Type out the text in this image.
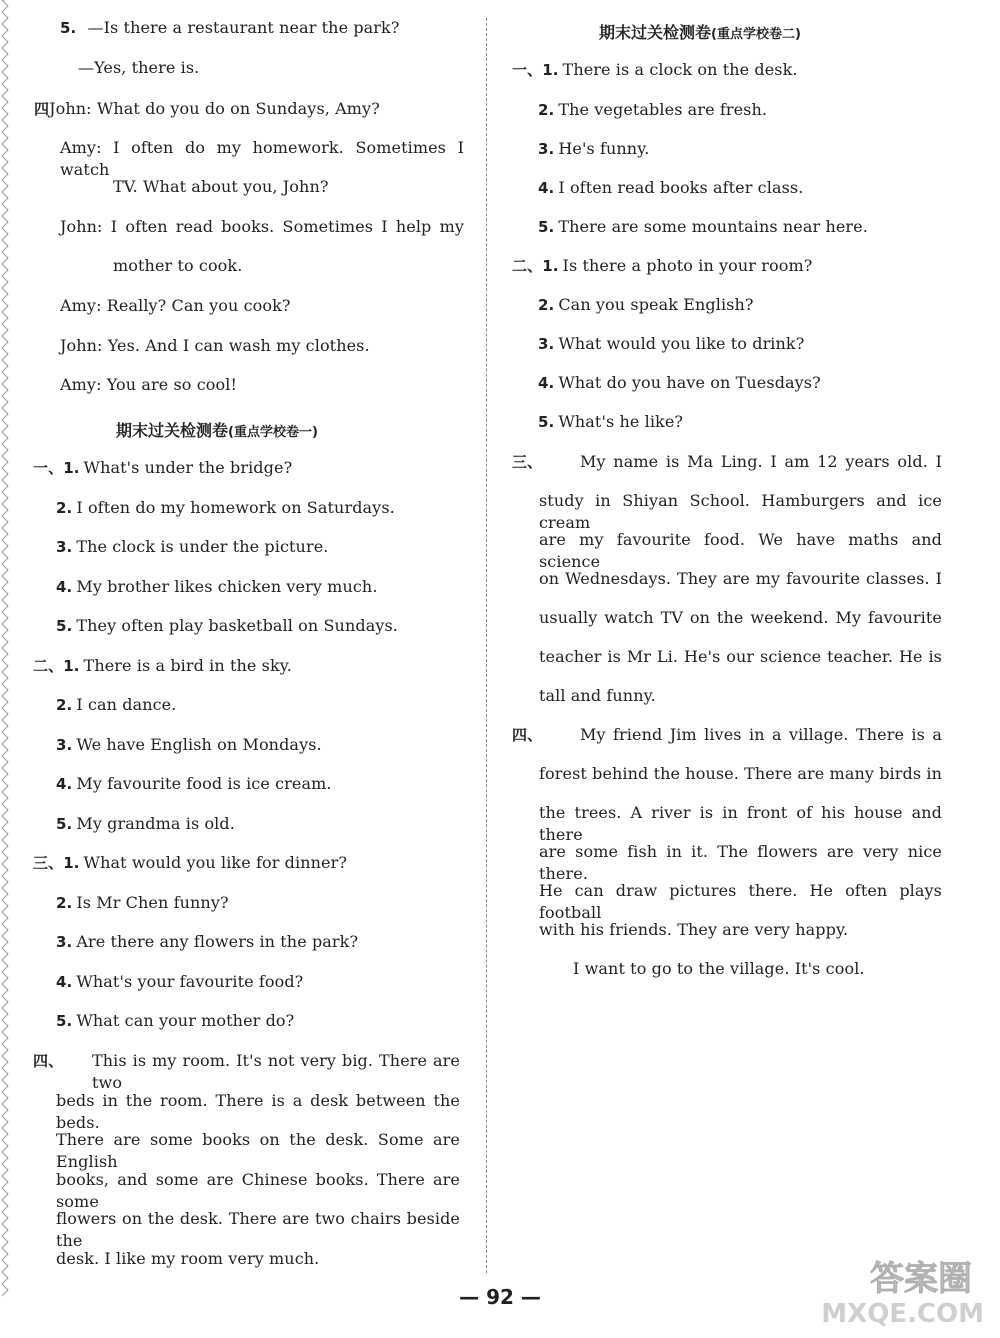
5. —Is there a restaurant near the park?
—Yes, there is.
四John: What do you do on Sundays, Amy?
Amy: I often do my homework. Sometimes I watch
TV. What about you, John?
John: I often read books. Sometimes I help my
mother to cook.
Amy: Really? Can you cook?
John: Yes. And I can wash my clothes.
Amy: You are so cool!
期末过关检测卷(重点学校卷一)
一、1. What's under the bridge?
2. I often do my homework on Saturdays.
3. The clock is under the picture.
4. My brother likes chicken very much.
5. They often play basketball on Sundays.
二、1. There is a bird in the sky.
2. I can dance.
3. We have English on Mondays.
4. My favourite food is ice cream.
5. My grandma is old.
三、1. What would you like for dinner?
2. Is Mr Chen funny?
3. Are there any flowers in the park?
4. What's your favourite food?
5. What can your mother do?
四、 This is my room. It's not very big. There are two
beds in the room. There is a desk between the beds.
There are some books on the desk. Some are English
books, and some are Chinese books. There are some
flowers on the desk. There are two chairs beside the
desk. I like my room very much.
期末过关检测卷(重点学校卷二)
一、1. There is a clock on the desk.
2. The vegetables are fresh.
3. He's funny.
4. I often read books after class.
5. There are some mountains near here.
二、1. Is there a photo in your room?
2. Can you speak English?
3. What would you like to drink?
4. What do you have on Tuesdays?
5. What's he like?
三、 My name is Ma Ling. I am 12 years old. I
study in Shiyan School. Hamburgers and ice cream
are my favourite food. We have maths and science
on Wednesdays. They are my favourite classes. I
usually watch TV on the weekend. My favourite
teacher is Mr Li. He's our science teacher. He is
tall and funny.
四、 My friend Jim lives in a village. There is a
forest behind the house. There are many birds in
the trees. A river is in front of his house and there
are some fish in it. The flowers are very nice there.
He can draw pictures there. He often plays football
with his friends. They are very happy.
I want to go to the village. It's cool.
— 92 —	答案圈
MXQE.COM
